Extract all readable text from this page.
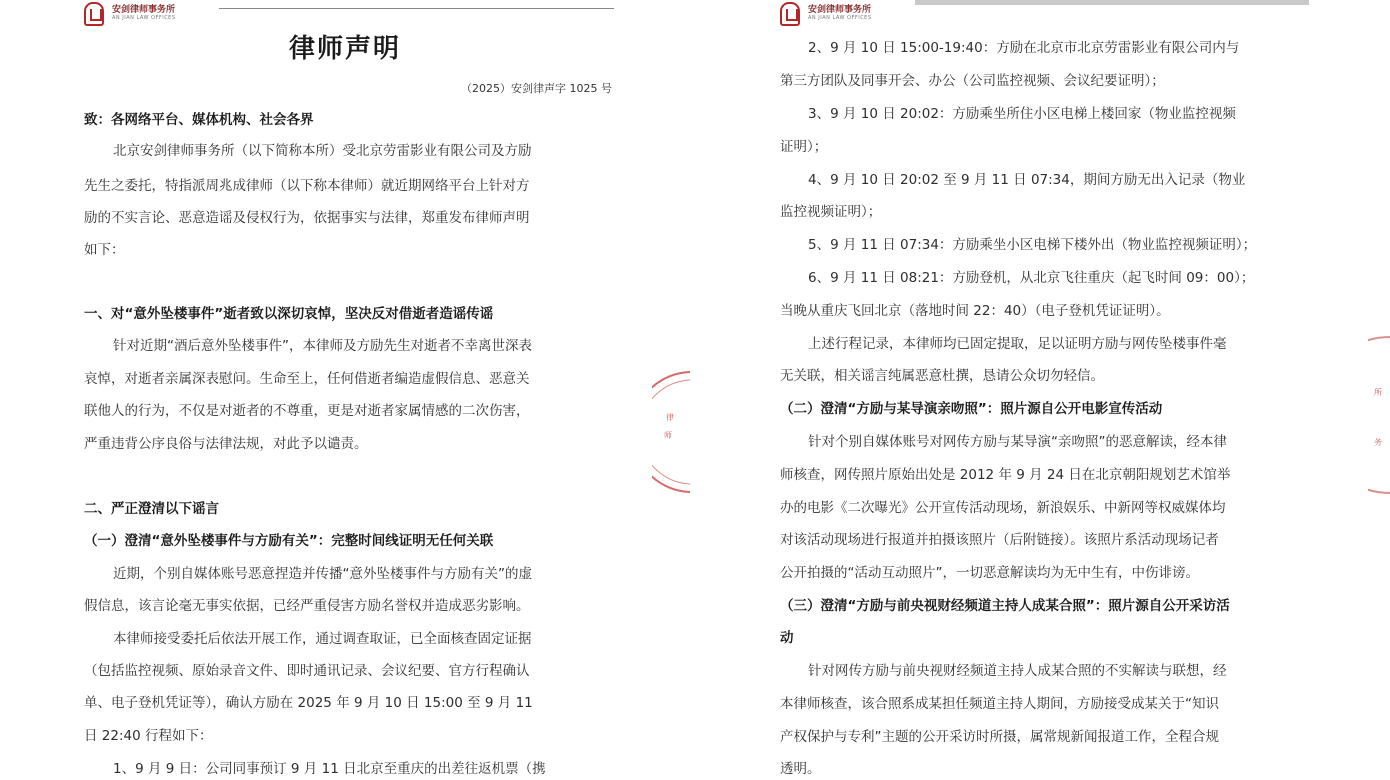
安剑律师事务所
AN JIAN LAW OFFICES
律师声明
（2025）安剑律声字 1025 号
致：各网络平台、媒体机构、社会各界
北京安剑律师事务所（以下简称本所）受北京劳雷影业有限公司及方励
先生之委托，特指派周兆成律师（以下称本律师）就近期网络平台上针对方
励的不实言论、恶意造谣及侵权行为，依据事实与法律，郑重发布律师声明
如下：
一、对“意外坠楼事件”逝者致以深切哀悼，坚决反对借逝者造谣传谣
针对近期“酒后意外坠楼事件”，本律师及方励先生对逝者不幸离世深表
哀悼，对逝者亲属深表慰问。生命至上，任何借逝者编造虚假信息、恶意关
联他人的行为，不仅是对逝者的不尊重，更是对逝者家属情感的二次伤害，
严重违背公序良俗与法律法规，对此予以谴责。
二、严正澄清以下谣言
（一）澄清“意外坠楼事件与方励有关”：完整时间线证明无任何关联
近期，个别自媒体账号恶意捏造并传播“意外坠楼事件与方励有关”的虚
假信息，该言论毫无事实依据，已经严重侵害方励名誉权并造成恶劣影响。
本律师接受委托后依法开展工作，通过调查取证，已全面核查固定证据
（包括监控视频、原始录音文件、即时通讯记录、会议纪要、官方行程确认
单、电子登机凭证等），确认方励在 2025 年 9 月 10 日 15:00 至 9 月 11
日 22:40 行程如下：
1、9 月 9 日：公司同事预订 9 月 11 日北京至重庆的出差往返机票（携
律
师
安剑律师事务所
AN JIAN LAW OFFICES
2、9 月 10 日 15:00-19:40：方励在北京市北京劳雷影业有限公司内与
第三方团队及同事开会、办公（公司监控视频、会议纪要证明）；
3、9 月 10 日 20:02：方励乘坐所住小区电梯上楼回家（物业监控视频
证明）；
4、9 月 10 日 20:02 至 9 月 11 日 07:34，期间方励无出入记录（物业
监控视频证明）；
5、9 月 11 日 07:34：方励乘坐小区电梯下楼外出（物业监控视频证明）；
6、9 月 11 日 08:21：方励登机，从北京飞往重庆（起飞时间 09：00）；
当晚从重庆飞回北京（落地时间 22：40）（电子登机凭证证明）。
上述行程记录，本律师均已固定提取，足以证明方励与网传坠楼事件毫
无关联，相关谣言纯属恶意杜撰，恳请公众切勿轻信。
（二）澄清“方励与某导演亲吻照”：照片源自公开电影宣传活动
针对个别自媒体账号对网传方励与某导演“亲吻照”的恶意解读，经本律
师核查，网传照片原始出处是 2012 年 9 月 24 日在北京朝阳规划艺术馆举
办的电影《二次曝光》公开宣传活动现场，新浪娱乐、中新网等权威媒体均
对该活动现场进行报道并拍摄该照片（后附链接）。该照片系活动现场记者
公开拍摄的“活动互动照片”，一切恶意解读均为无中生有，中伤诽谤。
（三）澄清“方励与前央视财经频道主持人成某合照”：照片源自公开采访活
动
针对网传方励与前央视财经频道主持人成某合照的不实解读与联想，经
本律师核查，该合照系成某担任频道主持人期间，方励接受成某关于“知识
产权保护与专利”主题的公开采访时所摄，属常规新闻报道工作，全程合规
透明。
所
务
